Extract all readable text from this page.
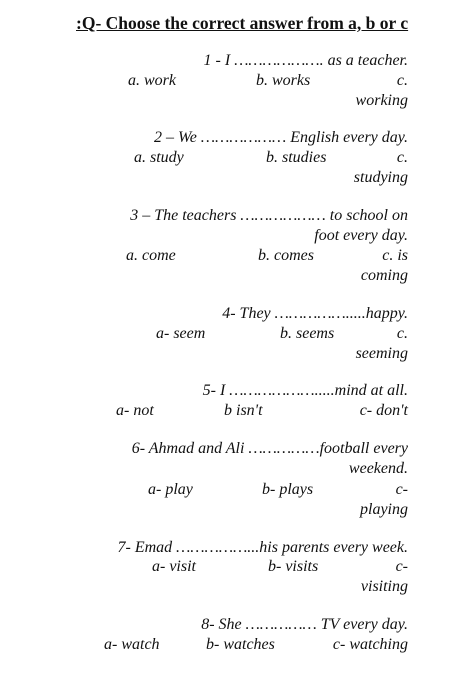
:Q- Choose the correct answer from a, b or c
1 - I ………………. as a teacher.
a. work	b. works	c.
working
2 – We ……………… English every day.
a. study	b. studies	c.
studying
3 – The teachers ……………… to school on
foot every day.
a. come	b. comes	c. is
coming
4- They …………….....happy.
a- seem	b. seems	c.
seeming
5- I ……………….....mind at all.
a- not	b isn't	c- don't
6- Ahmad and Ali ……………football every
weekend.
a- play	b- plays	c-
playing
7- Emad ……………...his parents every week.
a- visit	b- visits	c-
visiting
8- She …………… TV every day.
a- watch	b- watches	c- watching
